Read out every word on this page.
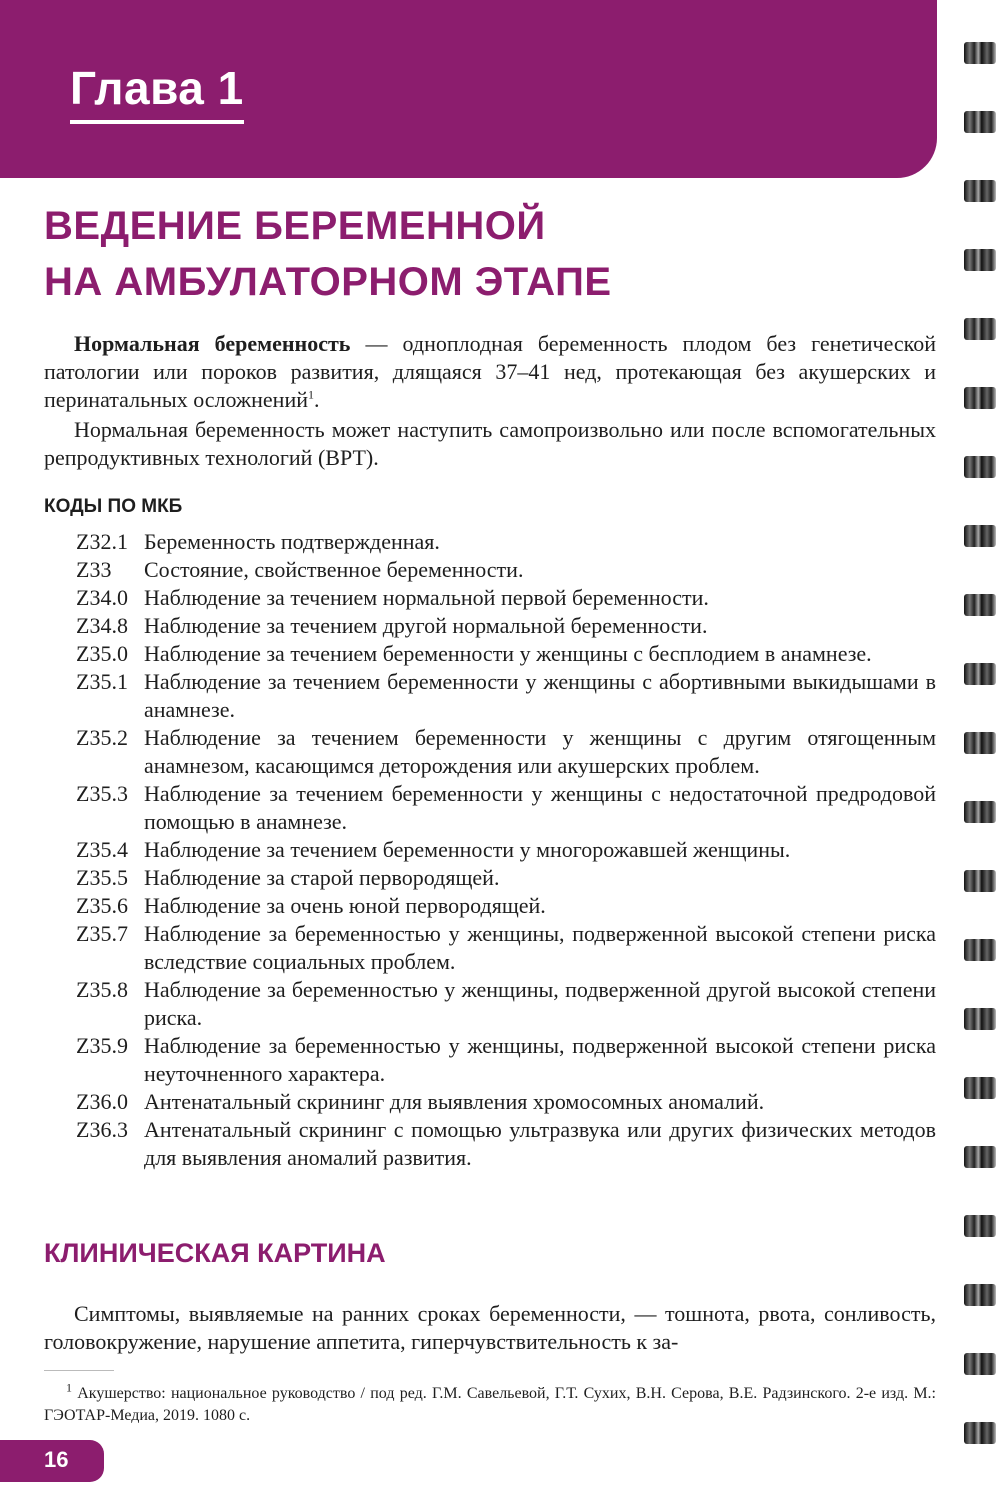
Глава 1
ВЕДЕНИЕ БЕРЕМЕННОЙ
НА АМБУЛАТОРНОМ ЭТАПЕ

Нормальная беременность — одноплодная беременность плодом без генетической патологии или пороков развития, длящаяся 37–41 нед, протекающая без акушерских и перинатальных осложнений$^1$.

Нормальная беременность может наступить самопроизвольно или после вспомогательных репродуктивных технологий (ВРТ).

КОДЫ ПО МКБ
Z32.1 Беременность подтвержденная.
Z33	Состояние, свойственное беременности.
Z34.0 Наблюдение за течением нормальной первой беременности.
Z34.8 Наблюдение за течением другой нормальной беременности.
Z35.0 Наблюдение за течением беременности у женщины с бесплодием в анамнезе.
Z35.1 Наблюдение за течением беременности у женщины с абортивными выкидышами в анамнезе.
Z35.2 Наблюдение за течением беременности у женщины с другим отягощенным анамнезом, касающимся деторождения или акушерских проблем.
Z35.3 Наблюдение за течением беременности у женщины с недостаточной предродовой помощью в анамнезе.
Z35.4 Наблюдение за течением беременности у многорожавшей женщины.
Z35.5 Наблюдение за старой первородящей.
Z35.6 Наблюдение за очень юной первородящей.
Z35.7 Наблюдение за беременностью у женщины, подверженной высокой степени риска вследствие социальных проблем.
Z35.8 Наблюдение за беременностью у женщины, подверженной другой высокой степени риска.
Z35.9 Наблюдение за беременностью у женщины, подверженной высокой степени риска неуточненного характера.
Z36.0 Антенатальный скрининг для выявления хромосомных аномалий.
Z36.3 Антенатальный скрининг с помощью ультразвука или других физических методов для выявления аномалий развития.
КЛИНИЧЕСКАЯ КАРТИНА

Симптомы, выявляемые на ранних сроках беременности, — тошнота, рвота, сонливость, головокружение, нарушение аппетита, гиперчувствительность к за-

$^1$ Акушерство: национальное руководство / под ред. Г.М. Савельевой, Г.Т. Сухих, В.Н. Серова, В.Е. Радзинского. 2-е изд. М.: ГЭОТАР-Медиа, 2019. 1080 с.

16
